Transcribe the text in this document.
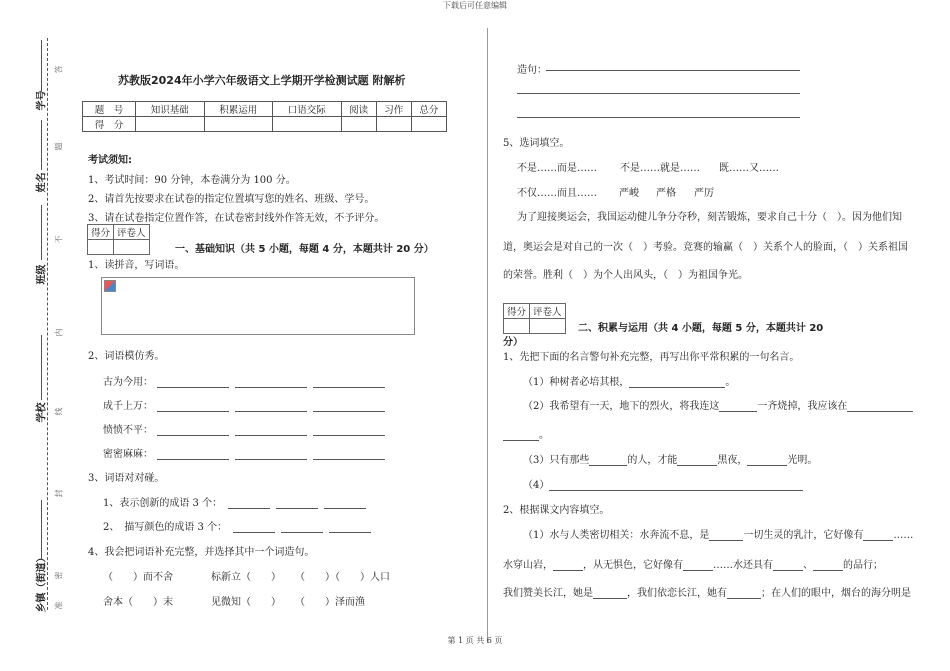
下载后可任意编辑
学号
姓名
班级
学校
乡镇（街道）
答
题
不
内
线
封
密
准
苏教版2024年小学六年级语文上学期开学检测试题 附解析
题　号	知识基础	积累运用	口语交际	阅读	习作	总分
得　分						
考试须知:
1、考试时间：90 分钟，本卷满分为 100 分。
2、请首先按要求在试卷的指定位置填写您的姓名、班级、学号。
3、请在试卷指定位置作答，在试卷密封线外作答无效，不予评分。
得分	评卷人

一、基础知识（共 5 小题，每题 4 分，本题共计 20 分）
1、读拼音，写词语。
2、词语模仿秀。
古为今用：
成千上万：
愤愤不平：
密密麻麻：
3、词语对对碰。
1、表示创新的成语 3 个：
2、　描写颜色的成语 3 个：
4、我会把词语补充完整，并选择其中一个词造句。
（　　）而不舍	标新立（　　） （　　）（　　）人口
舍本（　　）末	见微知（　　） （　　）泽而渔
造句：
5、选词填空。
不是……而是…… 不是……就是…… 既……又……
不仅……而且…… 严峻 严格 严厉
为了迎接奥运会，我国运动健儿争分夺秒，刻苦锻炼，要求自己十分（　）。因为他们知
道，奥运会是对自己的一次（　）考验。竞赛的输赢（　）关系个人的脸面，（　）关系祖国
的荣誉。胜利（　）为个人出风头，（　）为祖国争光。
得分	评卷人

二、积累与运用（共 4 小题，每题 5 分，本题共计 20
分）
1、先把下面的名言警句补充完整，再写出你平常积累的一句名言。
（1）种树者必培其根，	。
（2）我希望有一天，地下的烈火，将我连这	一齐烧掉，我应该在
。
（3）只有那些	的人，才能	黑夜，	光明。
（4）
2、根据课文内容填空。
（1）水与人类密切相关：水奔流不息，是	一切生灵的乳汁，它好像有	……
水穿山岩，	，从无惧色，它好像有	……水还具有	、	的品行；
我们赞美长江，她是	，我们依恋长江，她有	；在人们的眼中，烟台的海分明是
第 1 页 共 6 页
